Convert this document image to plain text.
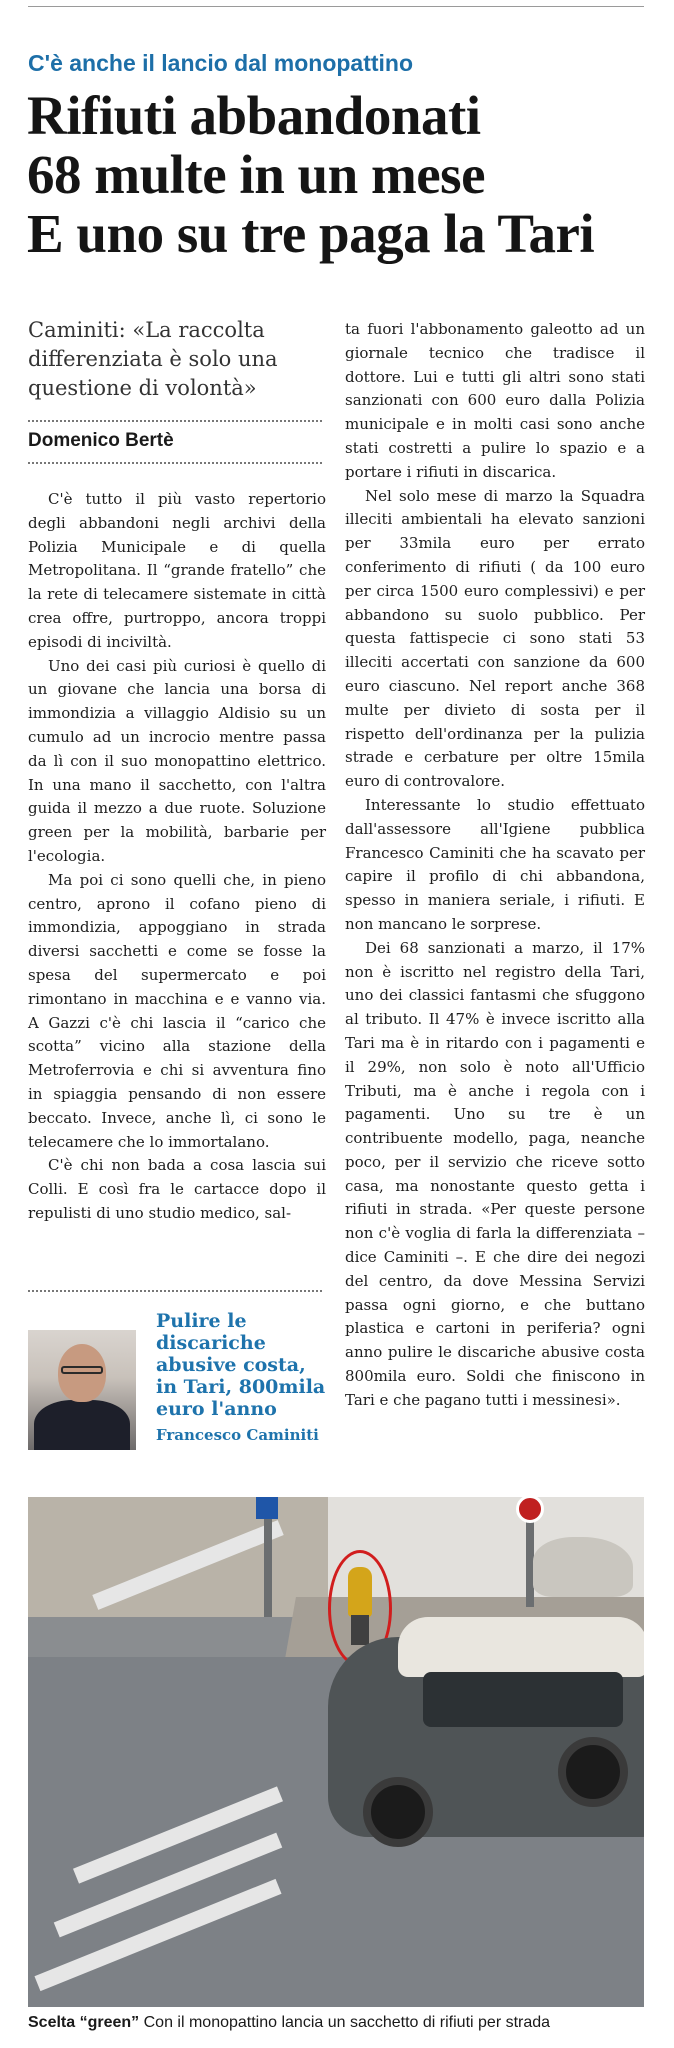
C'è anche il lancio dal monopattino
Rifiuti abbandonati
68 multe in un mese
E uno su tre paga la Tari
Caminiti: «La raccolta differenziata è solo una questione di volontà»
Domenico Bertè

C'è tutto il più vasto repertorio degli abbandoni negli archivi della Polizia Municipale e di quella Metropolitana. Il “grande fratello” che la rete di telecamere sistemate in città crea offre, purtroppo, ancora troppi episodi di inciviltà.

Uno dei casi più curiosi è quello di un giovane che lancia una borsa di immondizia a villaggio Aldisio su un cumulo ad un incrocio mentre passa da lì con il suo monopattino elettrico. In una mano il sacchetto, con l'altra guida il mezzo a due ruote. Soluzione green per la mobilità, barbarie per l'ecologia.

Ma poi ci sono quelli che, in pieno centro, aprono il cofano pieno di immondizia, appoggiano in strada diversi sacchetti e come se fosse la spesa del supermercato e poi rimontano in macchina e e vanno via. A Gazzi c'è chi lascia il “carico che scotta” vicino alla stazione della Metroferrovia e chi si avventura fino in spiaggia pensando di non essere beccato. Invece, anche lì, ci sono le telecamere che lo immortalano.

C'è chi non bada a cosa lascia sui Colli. E così fra le cartacce dopo il repulisti di uno studio medico, sal-

Pulire le discariche abusive costa, in Tari, 800mila euro l'anno
Francesco Caminiti

ta fuori l'abbonamento galeotto ad un giornale tecnico che tradisce il dottore. Lui e tutti gli altri sono stati sanzionati con 600 euro dalla Polizia municipale e in molti casi sono anche stati costretti a pulire lo spazio e a portare i rifiuti in discarica.

Nel solo mese di marzo la Squadra illeciti ambientali ha elevato sanzioni per 33mila euro per errato conferimento di rifiuti ( da 100 euro per circa 1500 euro complessivi) e per abbandono su suolo pubblico. Per questa fattispecie ci sono stati 53 illeciti accertati con sanzione da 600 euro ciascuno. Nel report anche 368 multe per divieto di sosta per il rispetto dell'ordinanza per la pulizia strade e cerbature per oltre 15mila euro di controvalore.

Interessante lo studio effettuato dall'assessore all'Igiene pubblica Francesco Caminiti che ha scavato per capire il profilo di chi abbandona, spesso in maniera seriale, i rifiuti. E non mancano le sorprese.

Dei 68 sanzionati a marzo, il 17% non è iscritto nel registro della Tari, uno dei classici fantasmi che sfuggono al tributo. Il 47% è invece iscritto alla Tari ma è in ritardo con i pagamenti e il 29%, non solo è noto all'Ufficio Tributi, ma è anche i regola con i pagamenti. Uno su tre è un contribuente modello, paga, neanche poco, per il servizio che riceve sotto casa, ma nonostante questo getta i rifiuti in strada. «Per queste persone non c'è voglia di farla la differenziata – dice Caminiti –. E che dire dei negozi del centro, da dove Messina Servizi passa ogni giorno, e che buttano plastica e cartoni in periferia? ogni anno pulire le discariche abusive costa 800mila euro. Soldi che finiscono in Tari e che pagano tutti i messinesi».

Scelta “green” Con il monopattino lancia un sacchetto di rifiuti per strada
